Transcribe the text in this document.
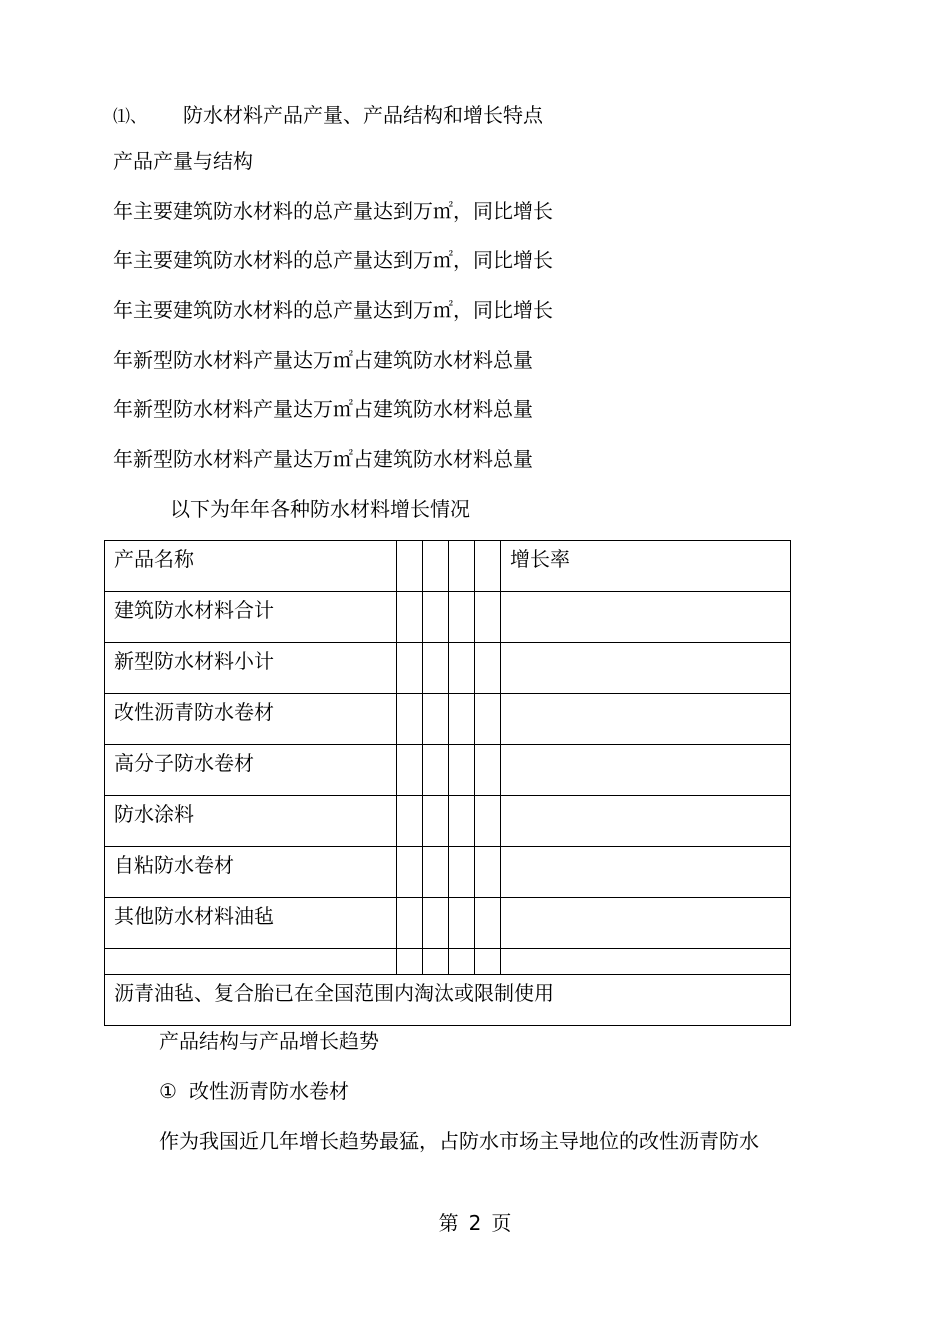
⑴、 防水材料产品产量、产品结构和增长特点
产品产量与结构
年主要建筑防水材料的总产量达到万㎡，同比增长
年主要建筑防水材料的总产量达到万㎡，同比增长
年主要建筑防水材料的总产量达到万㎡，同比增长
年新型防水材料产量达万㎡占建筑防水材料总量
年新型防水材料产量达万㎡占建筑防水材料总量
年新型防水材料产量达万㎡占建筑防水材料总量
以下为年年各种防水材料增长情况
产品名称					增长率

建筑防水材料合计					

新型防水材料小计					

改性沥青防水卷材					

高分子防水卷材					

防水涂料					

自粘防水卷材					

其他防水材料油毡					

沥青油毡、复合胎已在全国范围内淘汰或限制使用					
产品结构与产品增长趋势
① 改性沥青防水卷材
作为我国近几年增长趋势最猛，占防水市场主导地位的改性沥青防水
第 2 页
